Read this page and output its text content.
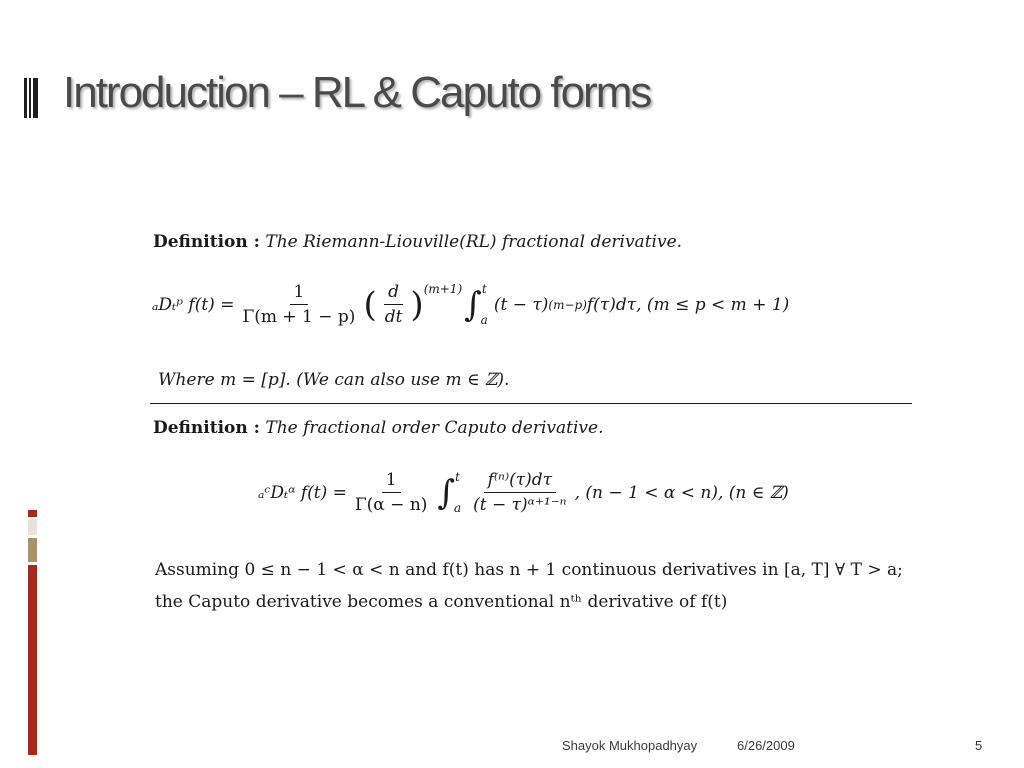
Introduction – RL & Caputo forms
Definition : The Riemann-Liouville(RL) fractional derivative.
ₐDₜᵖ $f(t) = \frac{1}{\Gamma(m + 1 - p)}$ ( $\frac{d}{dt}$ ) (m+1) ∫ t
a
(t − τ) (m−p) f(τ)dτ, (m ≤ p < m + 1)
Where m = [p]. (We can also use m ∈ ℤ).
Definition : The fractional order Caputo derivative.
ₐᶜDₜᵅ $f(t) = \frac{1}{\Gamma(\alpha - n)}$ ∫ t
a $\frac{\text{f⁽ⁿ⁾(τ)dτ}}{\text{(t − τ)ᵅ⁺¹⁻ⁿ}}$ , (n − 1 < α < n), (n ∈ ℤ)
Assuming 0 ≤ n − 1 < α < n and f(t) has n + 1 continuous derivatives in [a, T] ∀ T > a;
the Caputo derivative becomes a conventional nᵗʰ derivative of f(t)
Shayok Mukhopadhyay	6/26/2009	5
